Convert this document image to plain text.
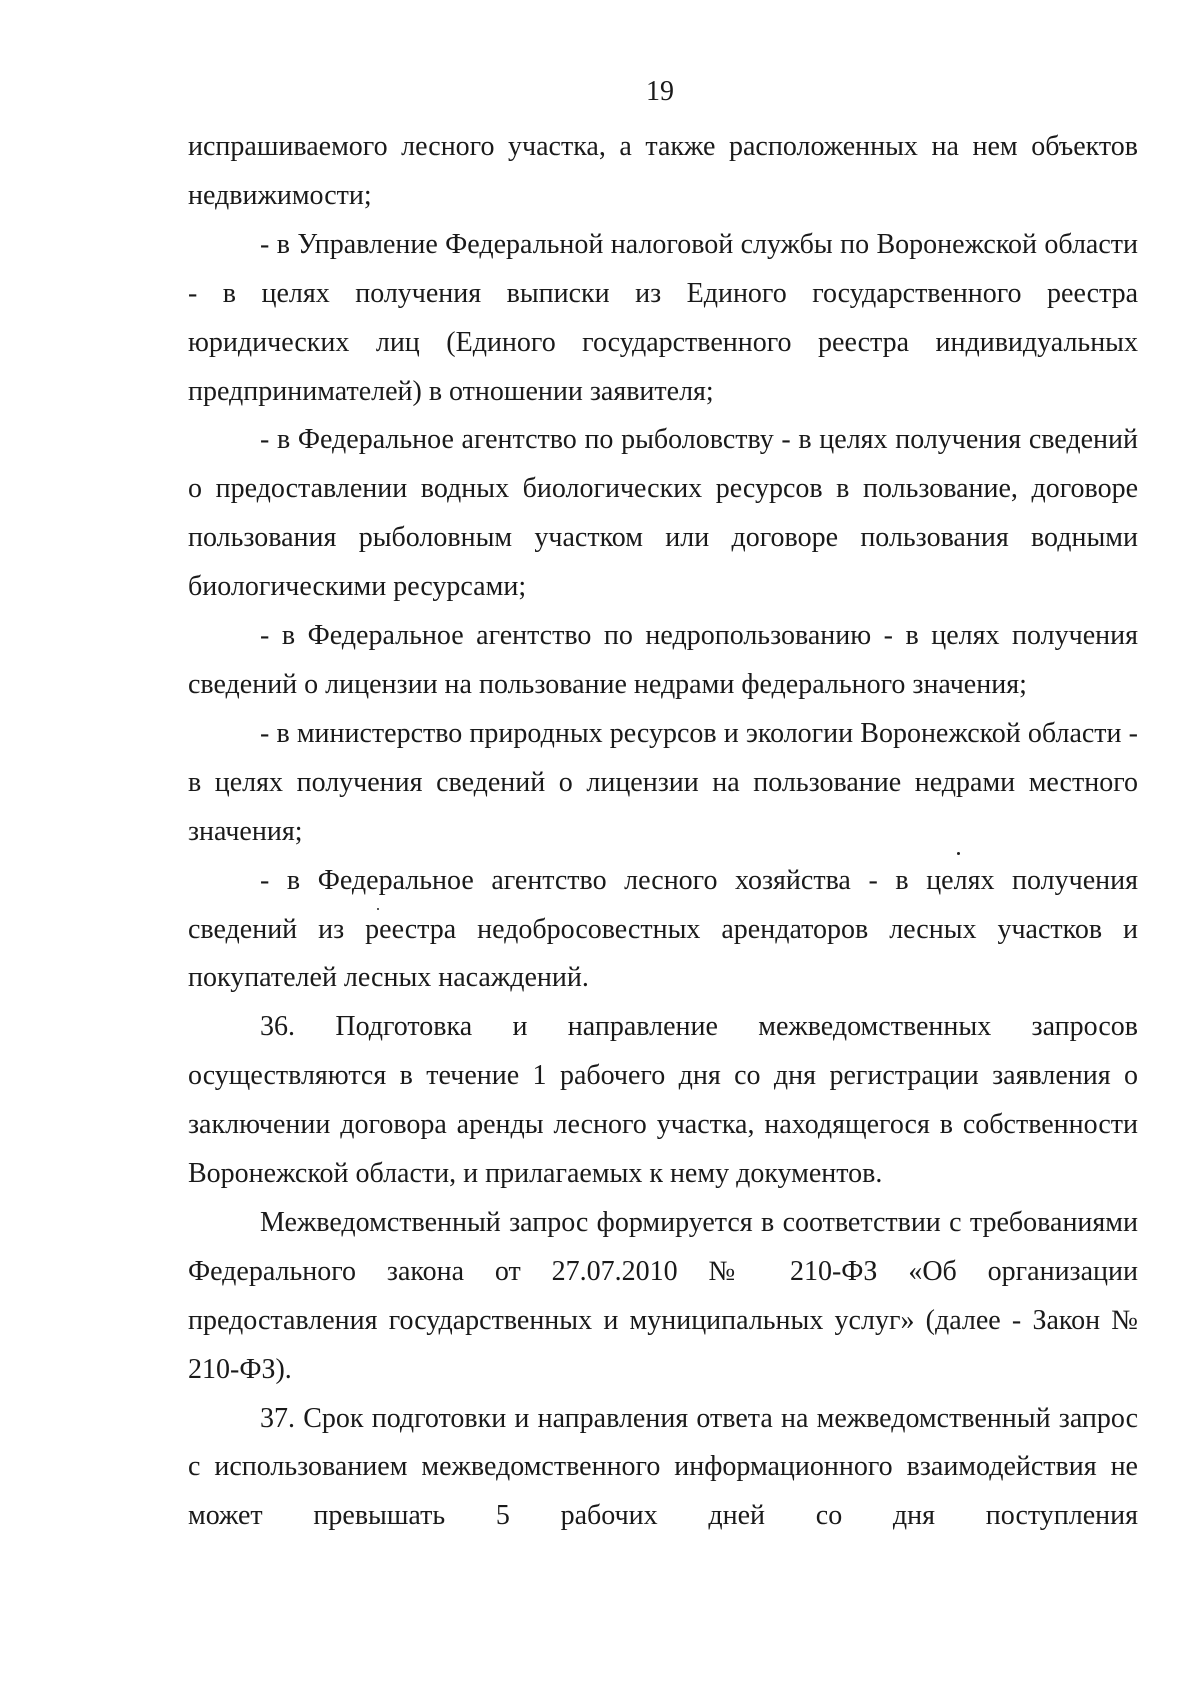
19

испрашиваемого лесного участка, а также расположенных на нем объектов недвижимости;

- в Управление Федеральной налоговой службы по Воронежской области - в целях получения выписки из Единого государственного реестра юридических лиц (Единого государственного реестра индивидуальных предпринимателей) в отношении заявителя;

- в Федеральное агентство по рыболовству - в целях получения сведений о предоставлении водных биологических ресурсов в пользование, договоре пользования рыболовным участком или договоре пользования водными биологическими ресурсами;

- в Федеральное агентство по недропользованию - в целях получения сведений о лицензии на пользование недрами федерального значения;

- в министерство природных ресурсов и экологии Воронежской области - в целях получения сведений о лицензии на пользование недрами местного значения;

- в Федеральное агентство лесного хозяйства - в целях получения сведений из реестра недобросовестных арендаторов лесных участков и покупателей лесных насаждений.

36. Подготовка и направление межведомственных запросов осуществляются в течение 1 рабочего дня со дня регистрации заявления о заключении договора аренды лесного участка, находящегося в собственности Воронежской области, и прилагаемых к нему документов.

Межведомственный запрос формируется в соответствии с требованиями Федерального закона от 27.07.2010 № 210-ФЗ «Об организации предоставления государственных и муниципальных услуг» (далее - Закон № 210-ФЗ).

37. Срок подготовки и направления ответа на межведомственный запрос с использованием межведомственного информационного взаимодействия не может превышать 5 рабочих дней со дня поступления
